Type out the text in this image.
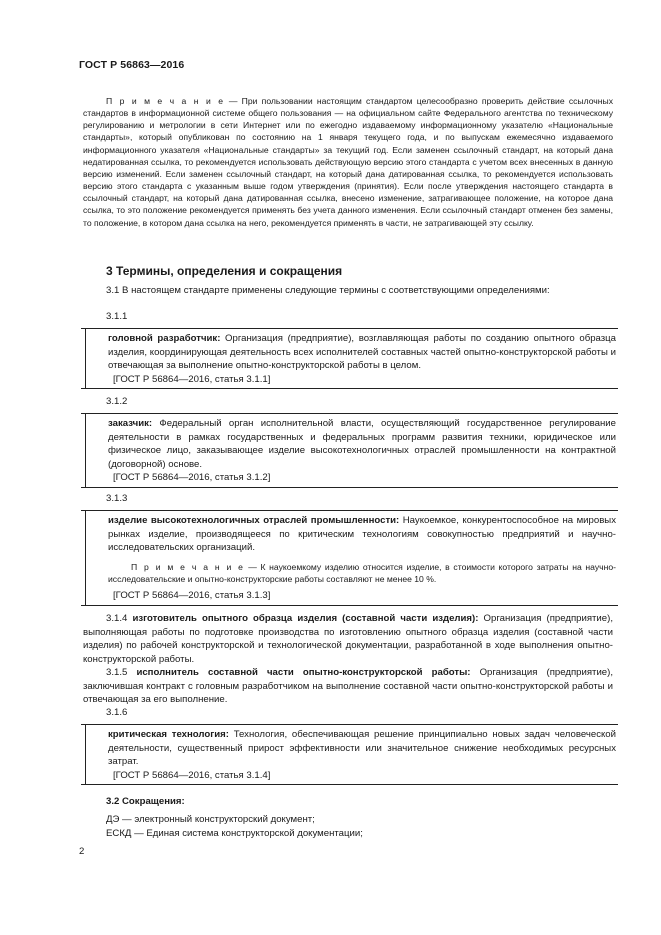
ГОСТ Р 56863—2016
П р и м е ч а н и е — При пользовании настоящим стандартом целесообразно проверить действие ссылочных стандартов в информационной системе общего пользования — на официальном сайте Федерального агентства по техническому регулированию и метрологии в сети Интернет или по ежегодно издаваемому информационному указателю «Национальные стандарты», который опубликован по состоянию на 1 января текущего года, и по выпускам ежемесячно издаваемого информационного указателя «Национальные стандарты» за текущий год. Если заменен ссылочный стандарт, на который дана недатированная ссылка, то рекомендуется использовать действующую версию этого стандарта с учетом всех внесенных в данную версию изменений. Если заменен ссылочный стандарт, на который дана датированная ссылка, то рекомендуется использовать версию этого стандарта с указанным выше годом утверждения (принятия). Если после утверждения настоящего стандарта в ссылочный стандарт, на который дана датированная ссылка, внесено изменение, затрагивающее положение, на которое дана ссылка, то это положение рекомендуется применять без учета данного изменения. Если ссылочный стандарт отменен без замены, то положение, в котором дана ссылка на него, рекомендуется применять в части, не затрагивающей эту ссылку.
3 Термины, определения и сокращения
3.1 В настоящем стандарте применены следующие термины с соответствующими определениями:
3.1.1
головной разработчик: Организация (предприятие), возглавляющая работы по созданию опытного образца изделия, координирующая деятельность всех исполнителей составных частей опытно-конструкторской работы и отвечающая за выполнение опытно-конструкторской работы в целом.
[ГОСТ Р 56864—2016, статья 3.1.1]
3.1.2
заказчик: Федеральный орган исполнительной власти, осуществляющий государственное регулирование деятельности в рамках государственных и федеральных программ развития техники, юридическое или физическое лицо, заказывающее изделие высокотехнологичных отраслей промышленности на контрактной (договорной) основе.
[ГОСТ Р 56864—2016, статья 3.1.2]
3.1.3
изделие высокотехнологичных отраслей промышленности: Наукоемкое, конкурентоспособное на мировых рынках изделие, производящееся по критическим технологиям совокупностью предприятий и научно-исследовательских организаций.
П р и м е ч а н и е — К наукоемкому изделию относится изделие, в стоимости которого затраты на научно-исследовательские и опытно-конструкторские работы составляют не менее 10 %.
[ГОСТ Р 56864—2016, статья 3.1.3]
3.1.4 изготовитель опытного образца изделия (составной части изделия): Организация (предприятие), выполняющая работы по подготовке производства по изготовлению опытного образца изделия (составной части изделия) по рабочей конструкторской и технологической документации, разработанной в ходе выполнения опытно-конструкторской работы.
3.1.5 исполнитель составной части опытно-конструкторской работы: Организация (предприятие), заключившая контракт с головным разработчиком на выполнение составной части опытно-конструкторской работы и отвечающая за его выполнение.
3.1.6
критическая технология: Технология, обеспечивающая решение принципиально новых задач человеческой деятельности, существенный прирост эффективности или значительное снижение необходимых ресурсных затрат.
[ГОСТ Р 56864—2016, статья 3.1.4]
3.2 Сокращения:
ДЭ — электронный конструкторский документ;
ЕСКД — Единая система конструкторской документации;
2
